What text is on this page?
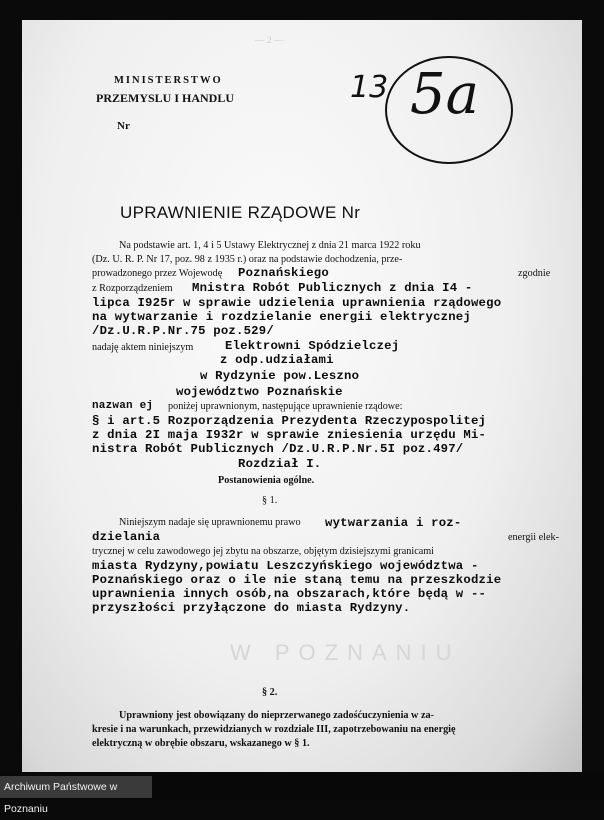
— 2 —
W POZNANIU
MINISTERSTWO
PRZEMYSLU I HANDLU
Nr
13 5a
UPRAWNIENIE RZĄDOWE Nr
Na podstawie art. 1, 4 i 5 Ustawy Elektrycznej z dnia 21 marca 1922 roku
(Dz. U. R. P. Nr 17, poz. 98 z 1935 r.) oraz na podstawie dochodzenia, prze-
prowadzonego przez Wojewodę Poznańskiego	zgodnie
z Rozporządzeniem Mnistra Robót Publicznych z dnia I4 -
lipca I925r w sprawie udzielenia uprawnienia rządowego
na wytwarzanie i rozdzielanie energii elektrycznej
/Dz.U.R.P.Nr.75 poz.529/
nadaję aktem niniejszym	Elektrowni Spódzielczej
z odp.udziałami
w Rydzynie pow.Leszno
województwo Poznańskie
nazwan ej poniżej uprawnionym, następujące uprawnienie rządowe:
§ i art.5 Rozporządzenia Prezydenta Rzeczypospolitej
z dnia 2I maja I932r w sprawie zniesienia urzędu Mi-
nistra Robót Publicznych /Dz.U.R.P.Nr.5I poz.497/
Rozdział I.
Postanowienia ogólne.
§ 1.
Niniejszym nadaje się uprawnionemu prawo wytwarzania i roz-
dzielania	energii elek-
trycznej w celu zawodowego jej zbytu na obszarze, objętym dzisiejszymi granicami
miasta Rydzyny,powiatu Leszczyńskiego województwa -
Poznańskiego oraz o ile nie staną temu na przeszkodzie
uprawnienia innych osób,na obszarach,które będą w --
przyszłości przyłączone do miasta Rydzyny.
§ 2.
Uprawniony jest obowiązany do nieprzerwanego zadośćuczynienia w za-
kresie i na warunkach, przewidzianych w rozdziale III, zapotrzebowaniu na energię
elektryczną w obrębie obszaru, wskazanego w § 1.
Archiwum Państwowe w Poznaniu
